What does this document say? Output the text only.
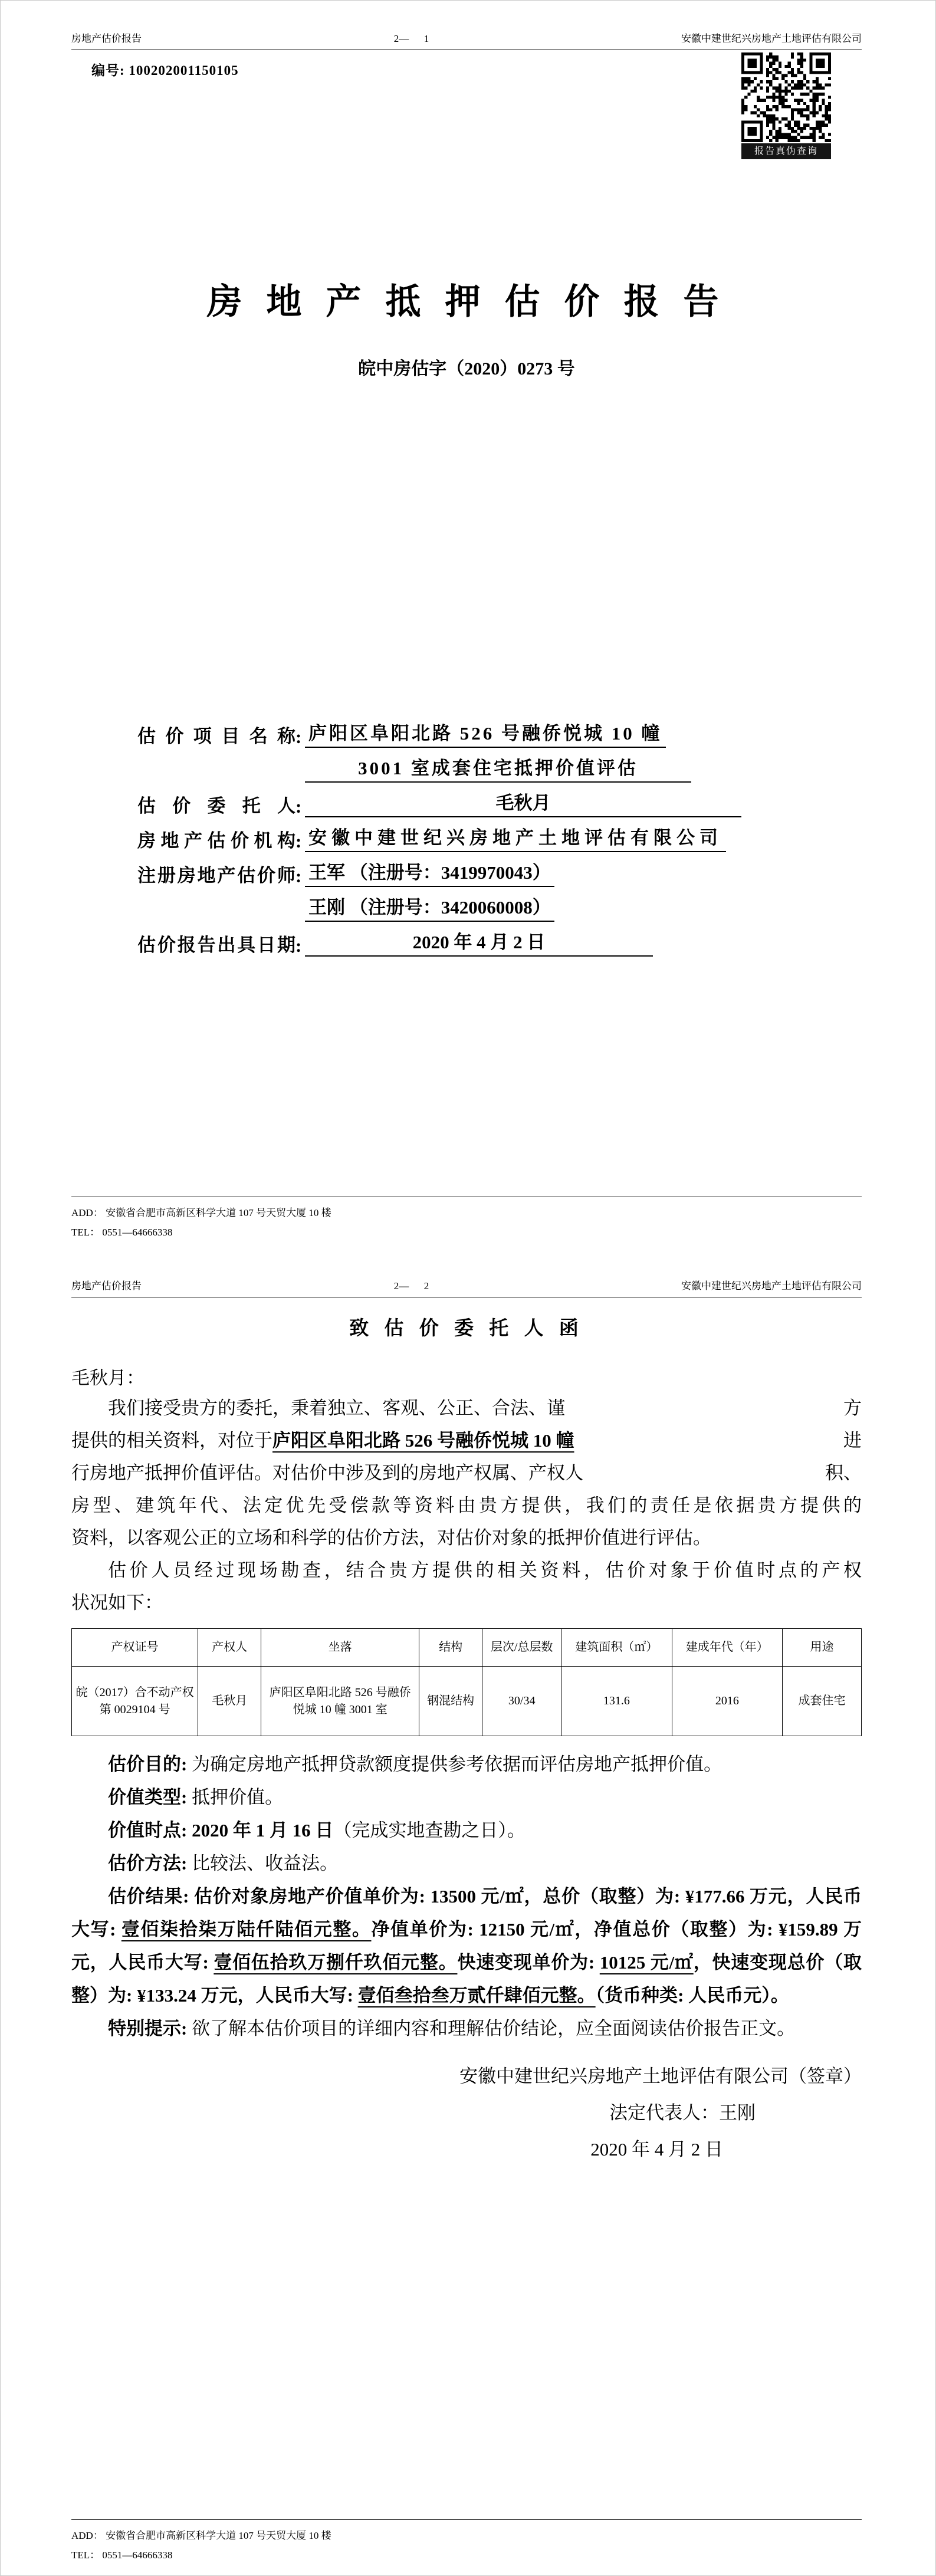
房地产估价报告	2—      1	安徽中建世纪兴房地产土地评估有限公司
编号: 100202001150105
报告真伪查询
房 地 产 抵 押 估 价 报 告
皖中房估字（2020）0273 号
估价项目名称 : 庐阳区阜阳北路 526 号融侨悦城 10 幢
3001 室成套住宅抵押价值评估
估价委托人 :	毛秋月
房地产估价机构 : 安徽中建世纪兴房地产土地评估有限公司
注册房地产估价师 : 王军 （注册号：3419970043）
王刚 （注册号：3420060008）
估价报告出具日期 :	2020 年 4 月 2 日
ADD： 安徽省合肥市高新区科学大道 107 号天贸大厦 10 楼
TEL： 0551—64666338
房地产估价报告	2—      2	安徽中建世纪兴房地产土地评估有限公司
致 估 价 委 托 人 函
毛秋月：
我们接受贵方的委托，秉着独立、客观、公正、合法、谨	方
提供的相关资料，对位于 庐阳区阜阳北路 526 号融侨悦城 10 幢	进
行房地产抵押价值评估。对估价中涉及到的房地产权属、产权人	积、
房型、建筑年代、法定优先受偿款等资料由贵方提供，我们的责任是依据贵方提供的
资料，以客观公正的立场和科学的估价方法，对估价对象的抵押价值进行评估。
估价人员经过现场勘查，结合贵方提供的相关资料，估价对象于价值时点的产权
状况如下：
产权证号	产权人	坐落	结构	层次/总层数	建筑面积（㎡）	建成年代（年）	用途
皖（2017）合不动产权第 0029104 号	毛秋月	庐阳区阜阳北路 526 号融侨悦城 10 幢 3001 室	钢混结构	30/34	131.6	2016	成套住宅

估价目的: 为确定房地产抵押贷款额度提供参考依据而评估房地产抵押价值。

价值类型: 抵押价值。

价值时点: 2020 年 1 月 16 日（完成实地查勘之日）。

估价方法: 比较法、收益法。

估价结果: 估价对象房地产价值单价为: 13500 元/㎡，总价（取整）为: ¥177.66 万元，人民币大写: 壹佰柒拾柒万陆仟陆佰元整。净值单价为: 12150 元/㎡，净值总价（取整）为: ¥159.89 万元，人民币大写: 壹佰伍拾玖万捌仟玖佰元整。快速变现单价为: 10125 元/㎡，快速变现总价（取整）为: ¥133.24 万元，人民币大写: 壹佰叁拾叁万贰仟肆佰元整。（货币种类: 人民币元）。

特别提示: 欲了解本估价项目的详细内容和理解估价结论，应全面阅读估价报告正文。

安徽中建世纪兴房地产土地评估有限公司（签章）
法定代表人：王刚
2020 年 4 月 2 日
ADD： 安徽省合肥市高新区科学大道 107 号天贸大厦 10 楼
TEL： 0551—64666338
